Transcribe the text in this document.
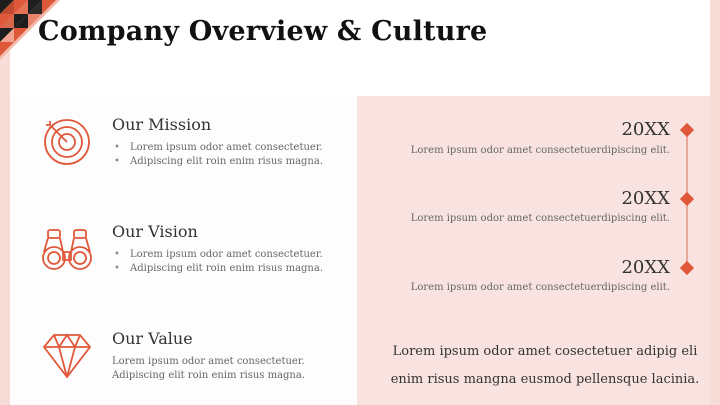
Company Overview & Culture
Our Mission
• Lorem ipsum odor amet consectetuer.
• Adipiscing elit roin enim risus magna.
Our Vision
• Lorem ipsum odor amet consectetuer.
• Adipiscing elit roin enim risus magna.
Our Value
Lorem ipsum odor amet consectetuer.
Adipiscing elit roin enim risus magna.
20XX
Lorem ipsum odor amet consectetuerdipiscing elit.
20XX
Lorem ipsum odor amet consectetuerdipiscing elit.
20XX
Lorem ipsum odor amet consectetuerdipiscing elit.
Lorem ipsum odor amet cosectetuer adipig eli
enim risus mangna eusmod pellensque lacinia.
